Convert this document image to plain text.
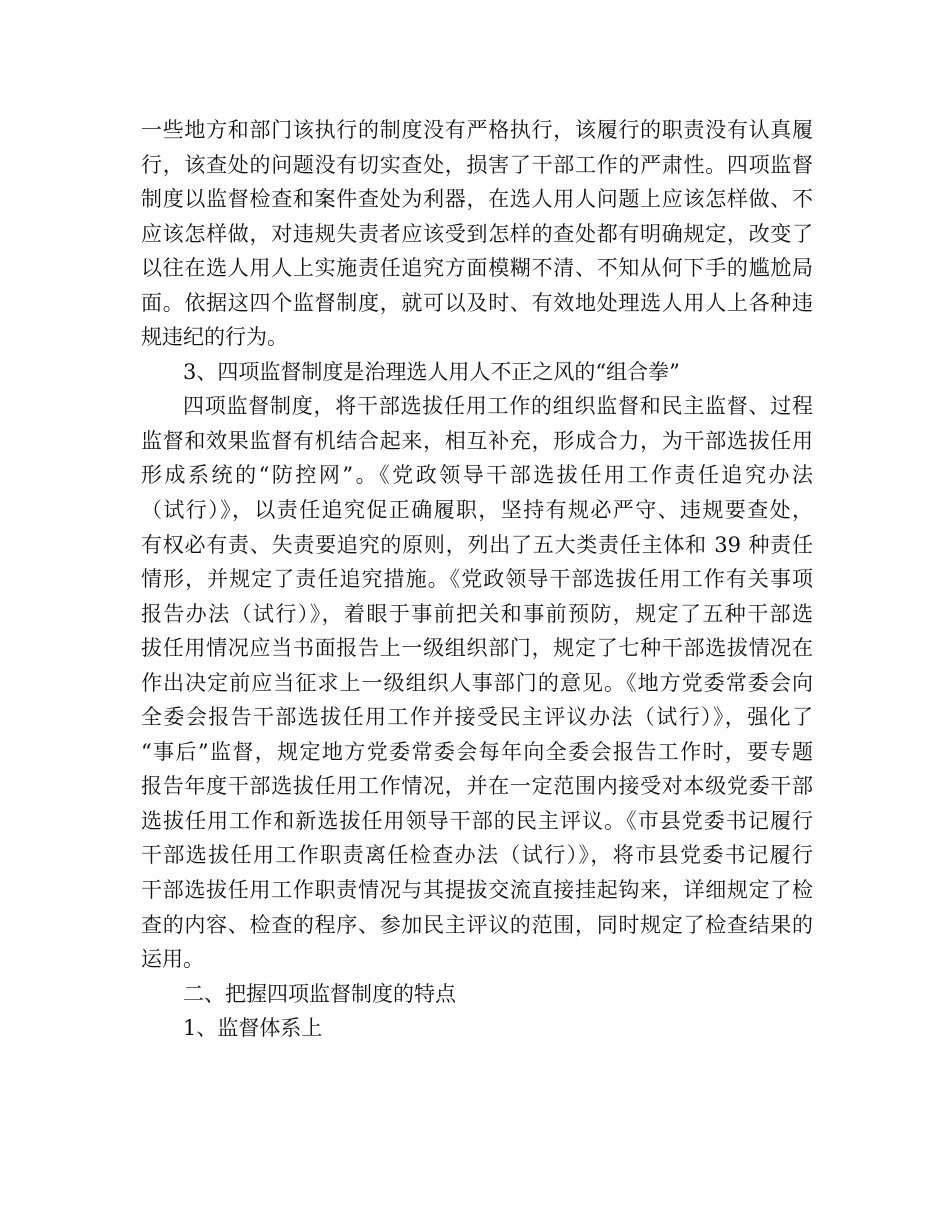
一些地方和部门该执行的制度没有严格执行，该履行的职责没有认真履
行，该查处的问题没有切实查处，损害了干部工作的严肃性。四项监督
制度以监督检查和案件查处为利器，在选人用人问题上应该怎样做、不
应该怎样做，对违规失责者应该受到怎样的查处都有明确规定，改变了
以往在选人用人上实施责任追究方面模糊不清、不知从何下手的尴尬局
面。依据这四个监督制度，就可以及时、有效地处理选人用人上各种违
规违纪的行为。
3、四项监督制度是治理选人用人不正之风的“组合拳”
四项监督制度，将干部选拔任用工作的组织监督和民主监督、过程
监督和效果监督有机结合起来，相互补充，形成合力，为干部选拔任用
形成系统的“防控网”。《党政领导干部选拔任用工作责任追究办法
（试行）》，以责任追究促正确履职，坚持有规必严守、违规要查处，
有权必有责、失责要追究的原则，列出了五大类责任主体和 39 种责任
情形，并规定了责任追究措施。《党政领导干部选拔任用工作有关事项
报告办法（试行）》，着眼于事前把关和事前预防，规定了五种干部选
拔任用情况应当书面报告上一级组织部门，规定了七种干部选拔情况在
作出决定前应当征求上一级组织人事部门的意见。《地方党委常委会向
全委会报告干部选拔任用工作并接受民主评议办法（试行）》，强化了
“事后”监督，规定地方党委常委会每年向全委会报告工作时，要专题
报告年度干部选拔任用工作情况，并在一定范围内接受对本级党委干部
选拔任用工作和新选拔任用领导干部的民主评议。《市县党委书记履行
干部选拔任用工作职责离任检查办法（试行）》，将市县党委书记履行
干部选拔任用工作职责情况与其提拔交流直接挂起钩来，详细规定了检
查的内容、检查的程序、参加民主评议的范围，同时规定了检查结果的
运用。
二、把握四项监督制度的特点
1、监督体系上
